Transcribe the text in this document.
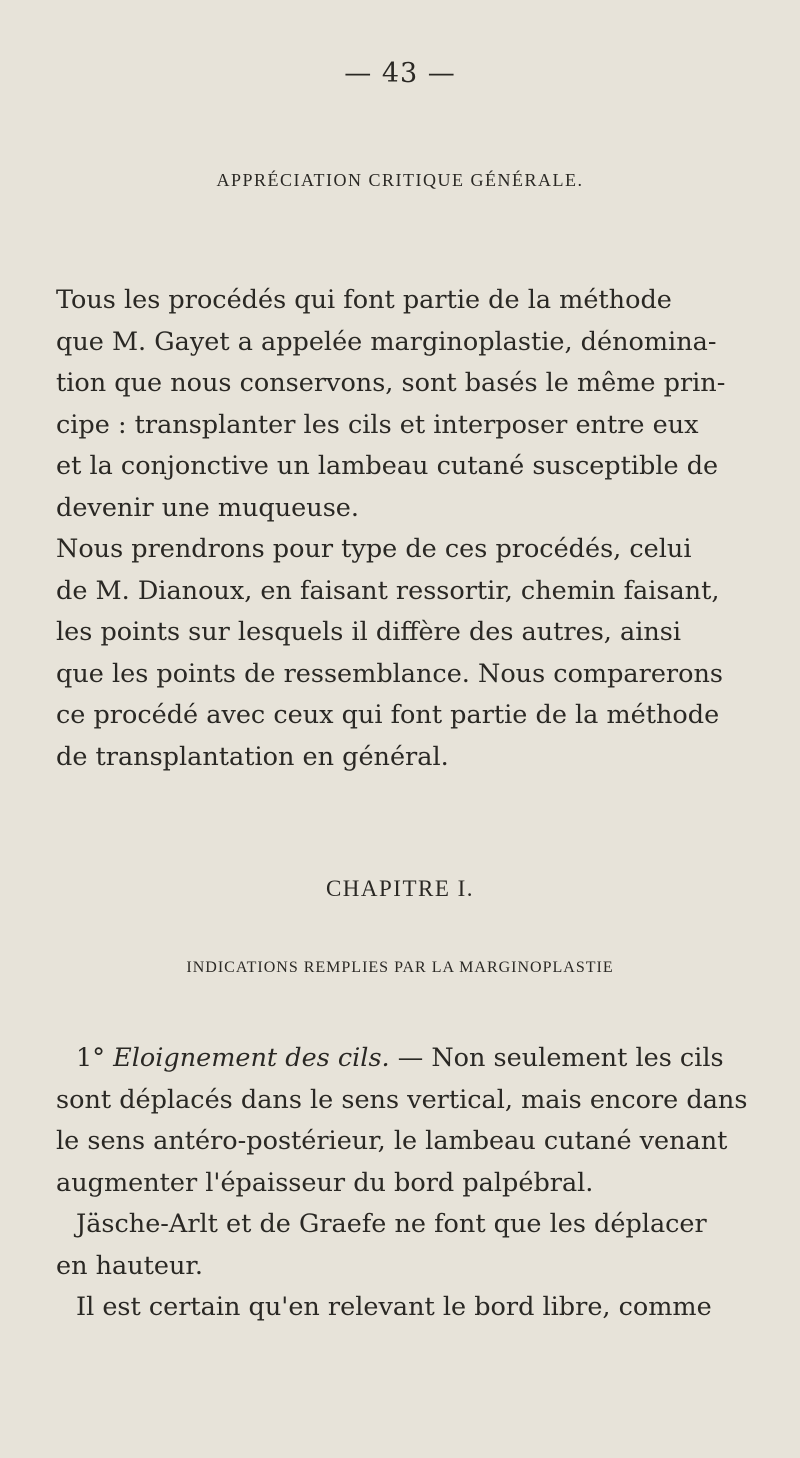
— 43 —
APPRÉCIATION CRITIQUE GÉNÉRALE.
Tous les procédés qui font partie de la méthode
que M. Gayet a appelée marginoplastie, dénomina-
tion que nous conservons, sont basés le même prin-
cipe : transplanter les cils et interposer entre eux
et la conjonctive un lambeau cutané susceptible de
devenir une muqueuse.
Nous prendrons pour type de ces procédés, celui
de M. Dianoux, en faisant ressortir, chemin faisant,
les points sur lesquels il diffère des autres, ainsi
que les points de ressemblance. Nous comparerons
ce procédé avec ceux qui font partie de la méthode
de transplantation en général.
CHAPITRE I.
INDICATIONS REMPLIES PAR LA MARGINOPLASTIE
1° Eloignement des cils. — Non seulement les cils
sont déplacés dans le sens vertical, mais encore dans
le sens antéro-postérieur, le lambeau cutané venant
augmenter l'épaisseur du bord palpébral.
Jäsche-Arlt et de Graefe ne font que les déplacer
en hauteur.
Il est certain qu'en relevant le bord libre, comme
